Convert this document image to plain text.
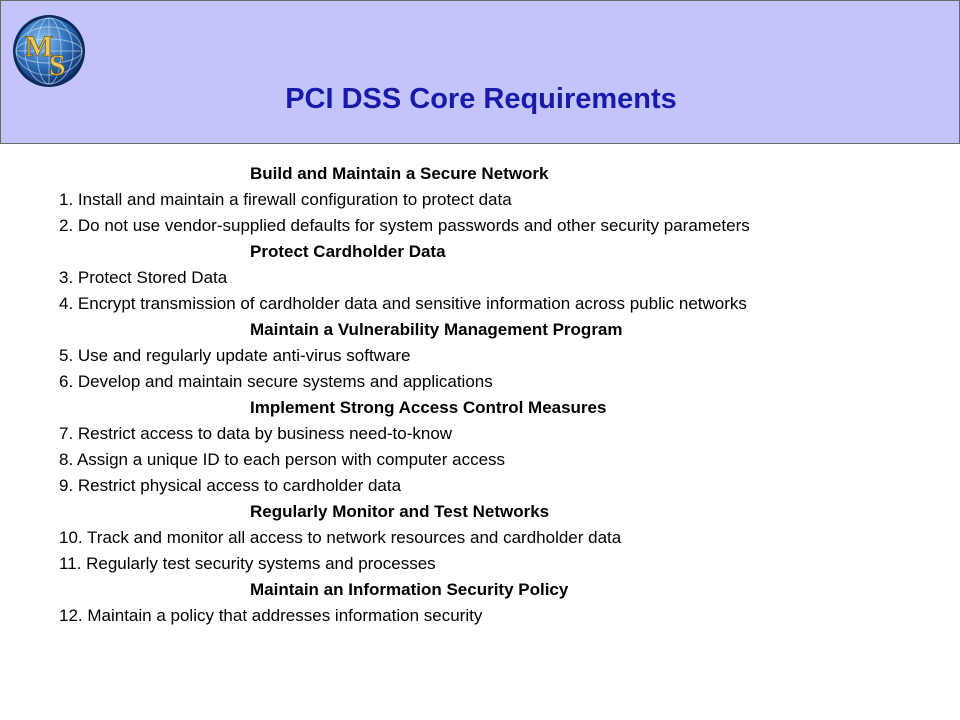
M
S
PCI DSS Core Requirements
Build and Maintain a Secure Network
1. Install and maintain a firewall configuration to protect data
2. Do not use vendor-supplied defaults for system passwords and other security parameters
Protect Cardholder Data
3. Protect Stored Data
4. Encrypt transmission of cardholder data and sensitive information across public networks
Maintain a Vulnerability Management Program
5. Use and regularly update anti-virus software
6. Develop and maintain secure systems and applications
Implement Strong Access Control Measures
7. Restrict access to data by business need-to-know
8. Assign a unique ID to each person with computer access
9. Restrict physical access to cardholder data
Regularly Monitor and Test Networks
10. Track and monitor all access to network resources and cardholder data
11. Regularly test security systems and processes
Maintain an Information Security Policy
12. Maintain a policy that addresses information security
